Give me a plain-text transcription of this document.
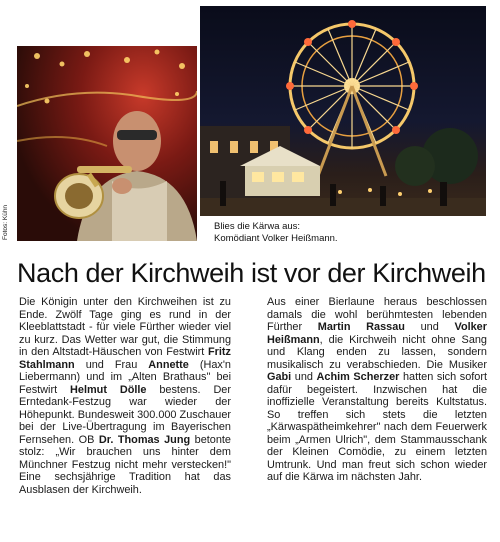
Fotos: Kühn	Blies die Kärwa aus:
Komödiant Volker Heißmann.
Nach der Kirchweih ist vor der Kirchweih

Die Königin unter den Kirchweihen ist zu Ende. Zwölf Tage ging es rund in der Kleeblattstadt - für viele Fürther wieder viel zu kurz. Das Wetter war gut, die Stimmung in den Altstadt-Häuschen von Festwirt Fritz Stahlmann und Frau Annette (Hax'n Liebermann) und im „Alten Brathaus" bei Festwirt Helmut Dölle bestens. Der Erntedank-Festzug war wieder der Höhepunkt. Bundesweit 300.000 Zuschauer bei der Live-Übertragung im Bayerischen Fernsehen. OB Dr. Thomas Jung betonte stolz: „Wir brauchen uns hinter dem Münchner Festzug nicht mehr verstecken!" Eine sechsjährige Tradition hat das Ausblasen der Kirchweih.

Aus einer Bierlaune heraus beschlossen damals die wohl berühmtesten lebenden Fürther Martin Rassau und Volker Heißmann, die Kirchweih nicht ohne Sang und Klang enden zu lassen, sondern musikalisch zu verabschieden. Die Musiker Gabi und Achim Scherzer hatten sich sofort dafür begeistert. Inzwischen hat die inoffizielle Veranstaltung bereits Kultstatus. So treffen sich stets die letzten „Kärwaspätheimkehrer" nach dem Feuerwerk beim „Armen Ulrich", dem Stammausschank der Kleinen Comödie, zu einem letzten Umtrunk. Und man freut sich schon wieder auf die Kärwa im nächsten Jahr.
